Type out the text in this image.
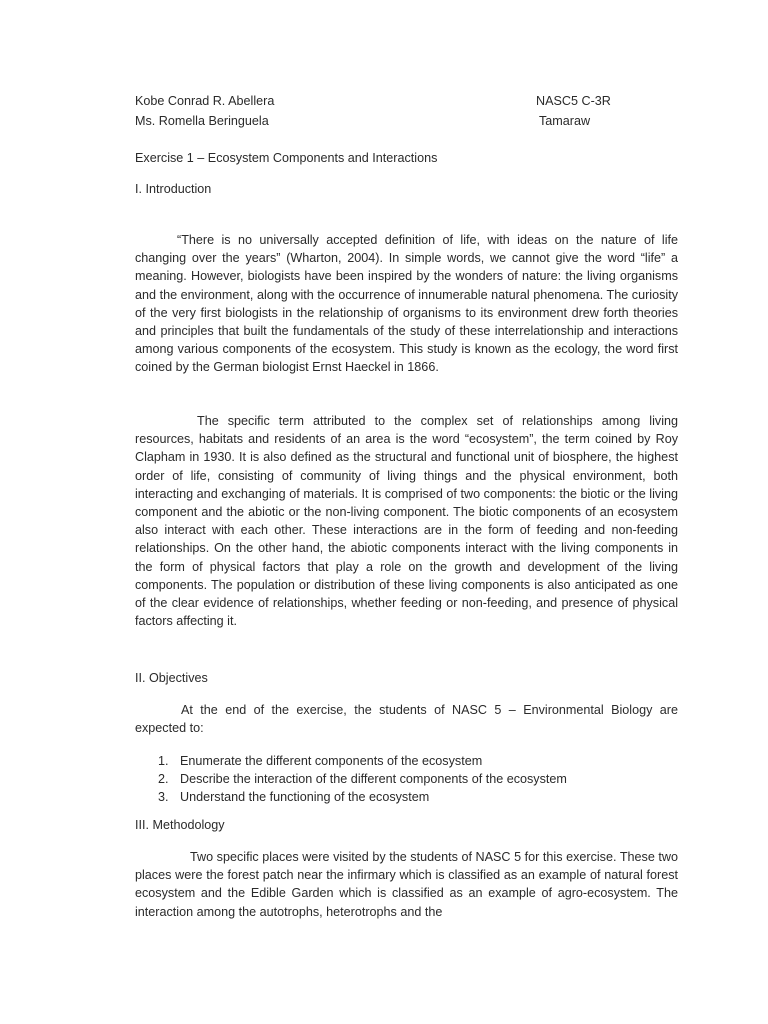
Kobe Conrad R. Abellera
Ms. Romella Beringuela
NASC5 C-3R
Tamaraw
Exercise 1 – Ecosystem Components and Interactions
I. Introduction

“There is no universally accepted definition of life, with ideas on the nature of life changing over the years” (Wharton, 2004). In simple words, we cannot give the word “life” a meaning. However, biologists have been inspired by the wonders of nature: the living organisms and the environment, along with the occurrence of innumerable natural phenomena. The curiosity of the very first biologists in the relationship of organisms to its environment drew forth theories and principles that built the fundamentals of the study of these interrelationship and interactions among various components of the ecosystem. This study is known as the ecology, the word first coined by the German biologist Ernst Haeckel in 1866.

The specific term attributed to the complex set of relationships among living resources, habitats and residents of an area is the word “ecosystem”, the term coined by Roy Clapham in 1930. It is also defined as the structural and functional unit of biosphere, the highest order of life, consisting of community of living things and the physical environment, both interacting and exchanging of materials. It is comprised of two components: the biotic or the living component and the abiotic or the non-living component. The biotic components of an ecosystem also interact with each other. These interactions are in the form of feeding and non-feeding relationships. On the other hand, the abiotic components interact with the living components in the form of physical factors that play a role on the growth and development of the living components. The population or distribution of these living components is also anticipated as one of the clear evidence of relationships, whether feeding or non-feeding, and presence of physical factors affecting it.

II. Objectives

At the end of the exercise, the students of NASC 5 – Environmental Biology are expected to:

1. Enumerate the different components of the ecosystem
2. Describe the interaction of the different components of the ecosystem
3. Understand the functioning of the ecosystem
III. Methodology

Two specific places were visited by the students of NASC 5 for this exercise. These two places were the forest patch near the infirmary which is classified as an example of natural forest ecosystem and the Edible Garden which is classified as an example of agro-ecosystem. The interaction among the autotrophs, heterotrophs and the
